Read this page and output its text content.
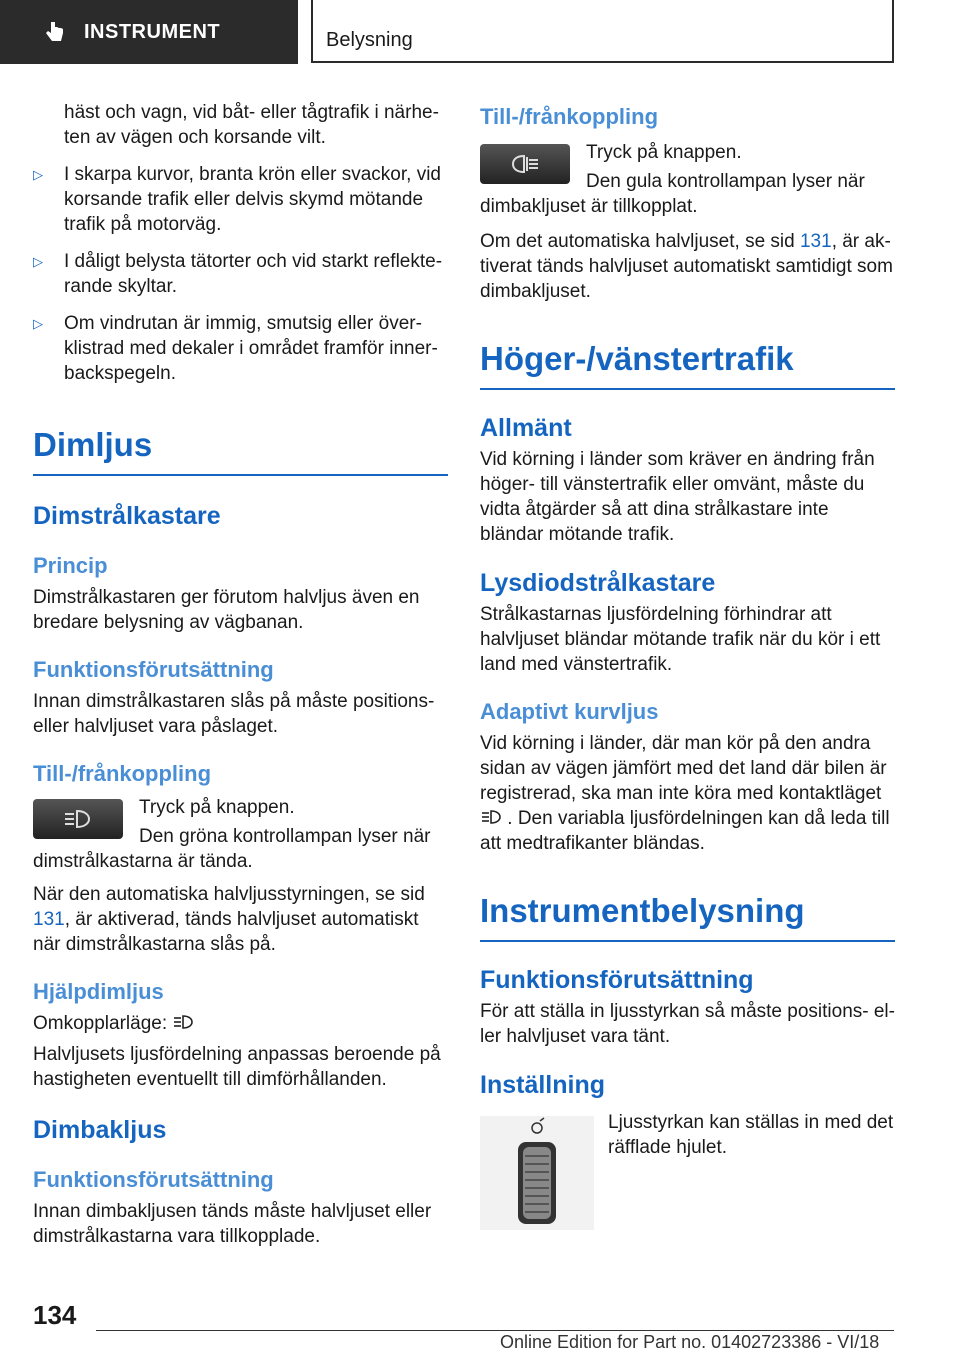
INSTRUMENT	Belysning

häst och vagn, vid båt- eller tågtrafik i närheten av vägen och korsande vilt.

▷ I skarpa kurvor, branta krön eller svackor, vid korsande trafik eller delvis skymd mötande trafik på motorväg.

▷ I dåligt belysta tätorter och vid starkt reflekterande skyltar.

▷ Om vindrutan är immig, smutsig eller överklistrad med dekaler i området framför innerbackspegeln.

Dimljus
Dimstrålkastare
Princip

Dimstrålkastaren ger förutom halvljus även en bredare belysning av vägbanan.

Funktionsförutsättning

Innan dimstrålkastaren slås på måste positionseller halvljuset vara påslaget.

Till-/frånkoppling

Tryck på knappen.

Den gröna kontrollampan lyser när dimstrålkastarna är tända.

När den automatiska halvljusstyrningen, se sid 131, är aktiverad, tänds halvljuset automatiskt när dimstrålkastarna slås på.

Hjälpdimljus

Omkopplarläge:

Halvljusets ljusfördelning anpassas beroende på hastigheten eventuellt till dimförhållanden.

Dimbakljus
Funktionsförutsättning

Innan dimbakljusen tänds måste halvljuset eller dimstrålkastarna vara tillkopplade.

Till-/frånkoppling

Tryck på knappen.

Den gula kontrollampan lyser när dimbakljuset är tillkopplat.

Om det automatiska halvljuset, se sid 131, är aktiverat tänds halvljuset automatiskt samtidigt som dimbakljuset.

Höger-/vänstertrafik
Allmänt

Vid körning i länder som kräver en ändring från höger- till vänstertrafik eller omvänt, måste du vidta åtgärder så att dina strålkastare inte bländar mötande trafik.

Lysdiodstrålkastare

Strålkastarnas ljusfördelning förhindrar att halvljuset bländar mötande trafik när du kör i ett land med vänstertrafik.

Adaptivt kurvljus

Vid körning i länder, där man kör på den andra sidan av vägen jämfört med det land där bilen är registrerad, ska man inte köra med kontaktläget  . Den variabla ljusfördelningen kan då leda till att medtrafikanter bländas.

Instrumentbelysning
Funktionsförutsättning

För att ställa in ljusstyrkan så måste positions- eller halvljuset vara tänt.

Inställning

Ljusstyrkan kan ställas in med det räfflade hjulet.

134
Online Edition for Part no. 01402723386 - VI/18
